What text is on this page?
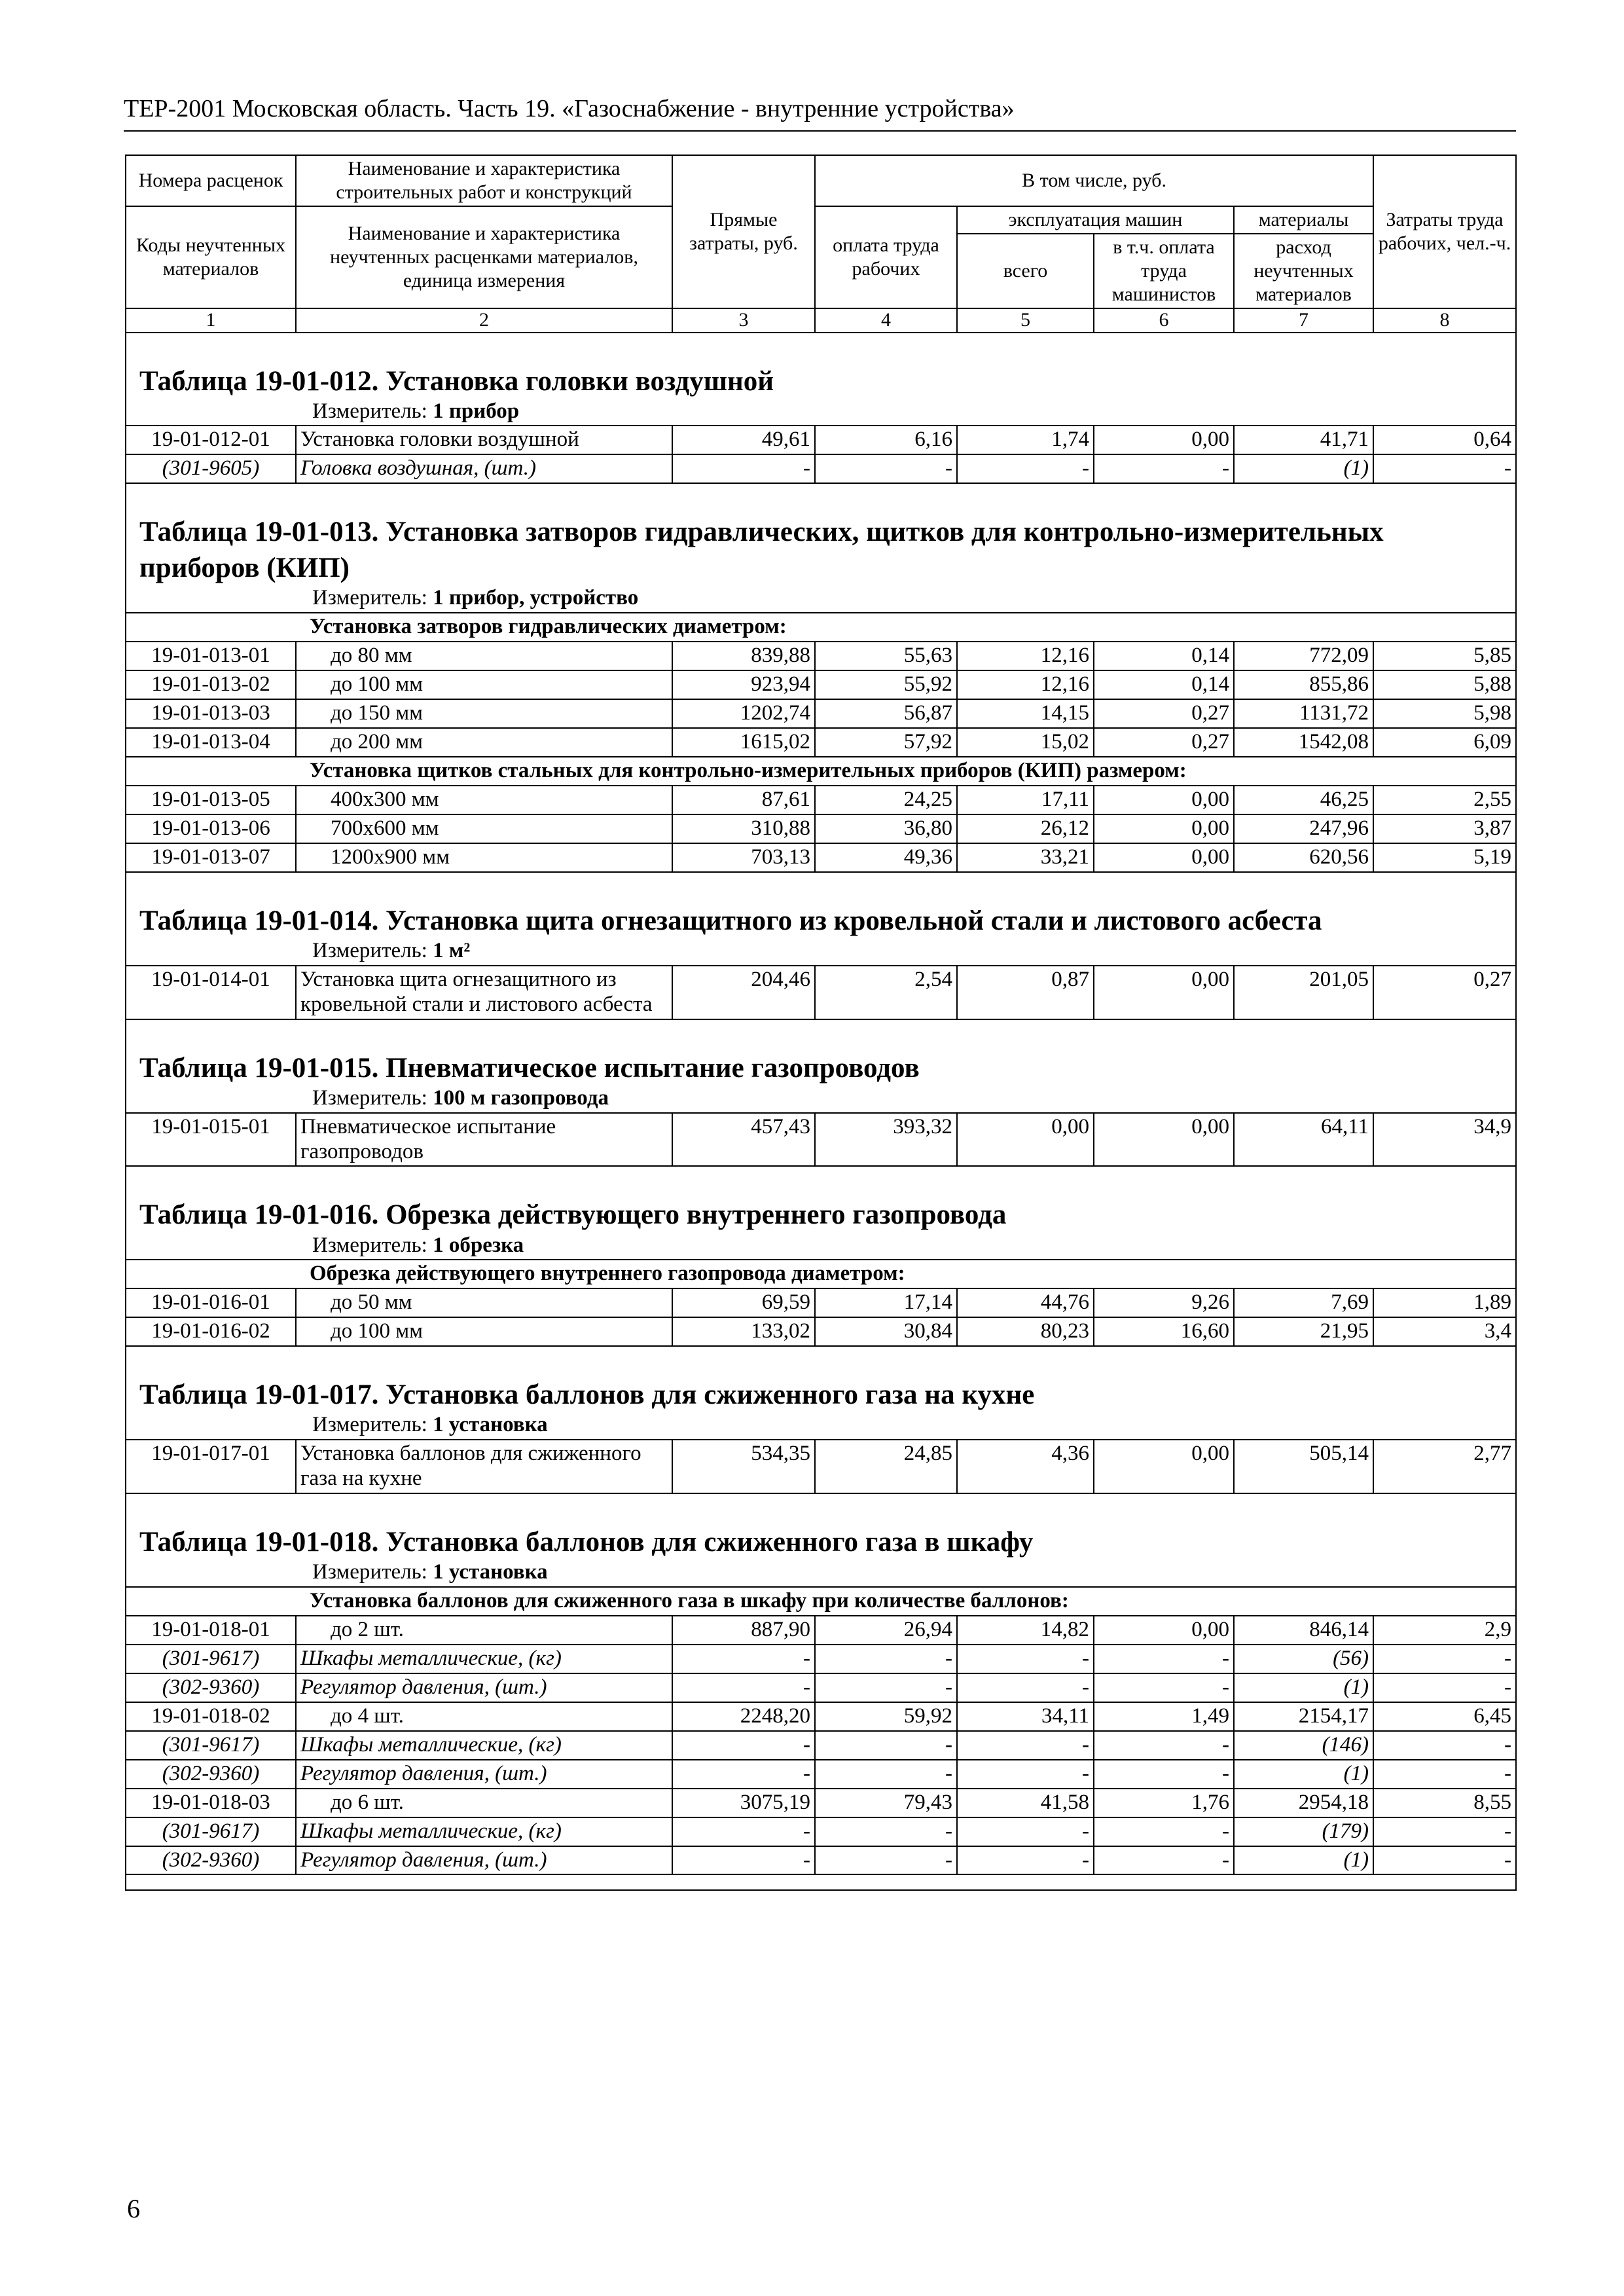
ТЕР-2001 Московская область. Часть 19. «Газоснабжение - внутренние устройства»
Номера расценок	Наименование и характеристика строительных работ и конструкций	Прямые затраты, руб.	В том числе, руб.				Затраты труда рабочих, чел.-ч.
Коды неучтенных материалов	Наименование и характеристика неучтенных расценками материалов, единица измерения		оплата труда рабочих	эксплуатация машин		материалы	
				всего	в т.ч. оплата труда машинистов	расход неучтенных материалов	
1	2	3	4	5	6	7	8

Таблица 19-01-012. Установка головки воздушной							
Измеритель: 1 прибор							
19-01-012-01	Установка головки воздушной	49,61	6,16	1,74	0,00	41,71	0,64
(301-9605)	Головка воздушная, (шт.)	-	-	-	-	(1)	-

Таблица 19-01-013. Установка затворов гидравлических, щитков для контрольно-измерительных приборов (КИП)							
Измеритель: 1 прибор, устройство							
Установка затворов гидравлических диаметром:							
19-01-013-01	до 80 мм	839,88	55,63	12,16	0,14	772,09	5,85
19-01-013-02	до 100 мм	923,94	55,92	12,16	0,14	855,86	5,88
19-01-013-03	до 150 мм	1202,74	56,87	14,15	0,27	1131,72	5,98
19-01-013-04	до 200 мм	1615,02	57,92	15,02	0,27	1542,08	6,09
Установка щитков стальных для контрольно-измерительных приборов (КИП) размером:							
19-01-013-05	400x300 мм	87,61	24,25	17,11	0,00	46,25	2,55
19-01-013-06	700x600 мм	310,88	36,80	26,12	0,00	247,96	3,87
19-01-013-07	1200x900 мм	703,13	49,36	33,21	0,00	620,56	5,19

Таблица 19-01-014. Установка щита огнезащитного из кровельной стали и листового асбеста							
Измеритель: 1 м²							
19-01-014-01	Установка щита огнезащитного из кровельной стали и листового асбеста	204,46	2,54	0,87	0,00	201,05	0,27

Таблица 19-01-015. Пневматическое испытание газопроводов							
Измеритель: 100 м газопровода							
19-01-015-01	Пневматическое испытание газопроводов	457,43	393,32	0,00	0,00	64,11	34,9

Таблица 19-01-016. Обрезка действующего внутреннего газопровода							
Измеритель: 1 обрезка							
Обрезка действующего внутреннего газопровода диаметром:							
19-01-016-01	до 50 мм	69,59	17,14	44,76	9,26	7,69	1,89
19-01-016-02	до 100 мм	133,02	30,84	80,23	16,60	21,95	3,4

Таблица 19-01-017. Установка баллонов для сжиженного газа на кухне							
Измеритель: 1 установка							
19-01-017-01	Установка баллонов для сжиженного газа на кухне	534,35	24,85	4,36	0,00	505,14	2,77

Таблица 19-01-018. Установка баллонов для сжиженного газа в шкафу							
Измеритель: 1 установка							
Установка баллонов для сжиженного газа в шкафу при количестве баллонов:							
19-01-018-01	до 2 шт.	887,90	26,94	14,82	0,00	846,14	2,9
(301-9617)	Шкафы металлические, (кг)	-	-	-	-	(56)	-
(302-9360)	Регулятор давления, (шт.)	-	-	-	-	(1)	-
19-01-018-02	до 4 шт.	2248,20	59,92	34,11	1,49	2154,17	6,45
(301-9617)	Шкафы металлические, (кг)	-	-	-	-	(146)	-
(302-9360)	Регулятор давления, (шт.)	-	-	-	-	(1)	-
19-01-018-03	до 6 шт.	3075,19	79,43	41,58	1,76	2954,18	8,55
(301-9617)	Шкафы металлические, (кг)	-	-	-	-	(179)	-
(302-9360)	Регулятор давления, (шт.)	-	-	-	-	(1)	-

6
